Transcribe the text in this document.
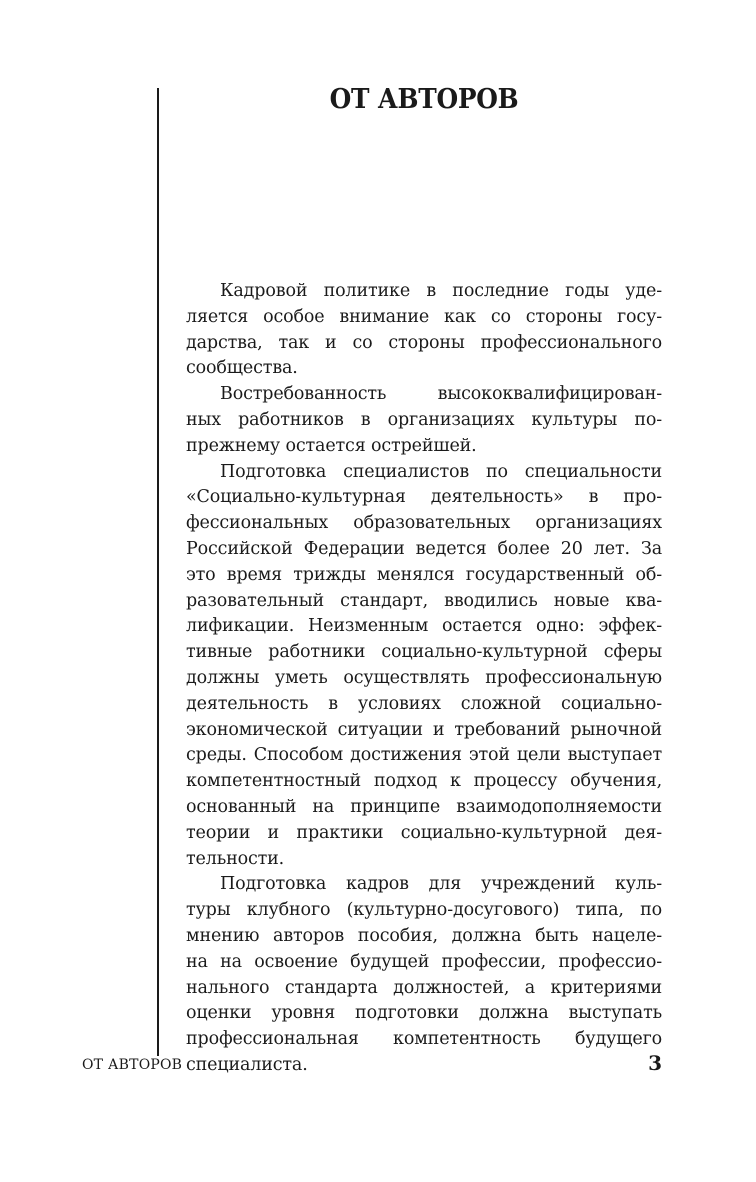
ОТ АВТОРОВ

Кадровой политике в последние годы уде-
ляется особое внимание как со стороны госу-
дарства, так и со стороны профессионального
сообщества.

Востребованность высококвалифицирован-
ных работников в организациях культуры по-
прежнему остается острейшей.

Подготовка специалистов по специальности
«Социально-культурная деятельность» в про-
фессиональных образовательных организациях
Российской Федерации ведется более 20 лет. За
это время трижды менялся государственный об-
разовательный стандарт, вводились новые ква-
лификации. Неизменным остается одно: эффек-
тивные работники социально-культурной сферы
должны уметь осуществлять профессиональную
деятельность в условиях сложной социально-
экономической ситуации и требований рыночной
среды. Способом достижения этой цели выступает
компетентностный подход к процессу обучения,
основанный на принципе взаимодополняемости
теории и практики социально-культурной дея-
тельности.

Подготовка кадров для учреждений куль-
туры клубного (культурно-досугового) типа, по
мнению авторов пособия, должна быть нацеле-
на на освоение будущей профессии, профессио-
нального стандарта должностей, а критериями
оценки уровня подготовки должна выступать
профессиональная компетентность будущего
специалиста.

ОТ АВТОРОВ	3
